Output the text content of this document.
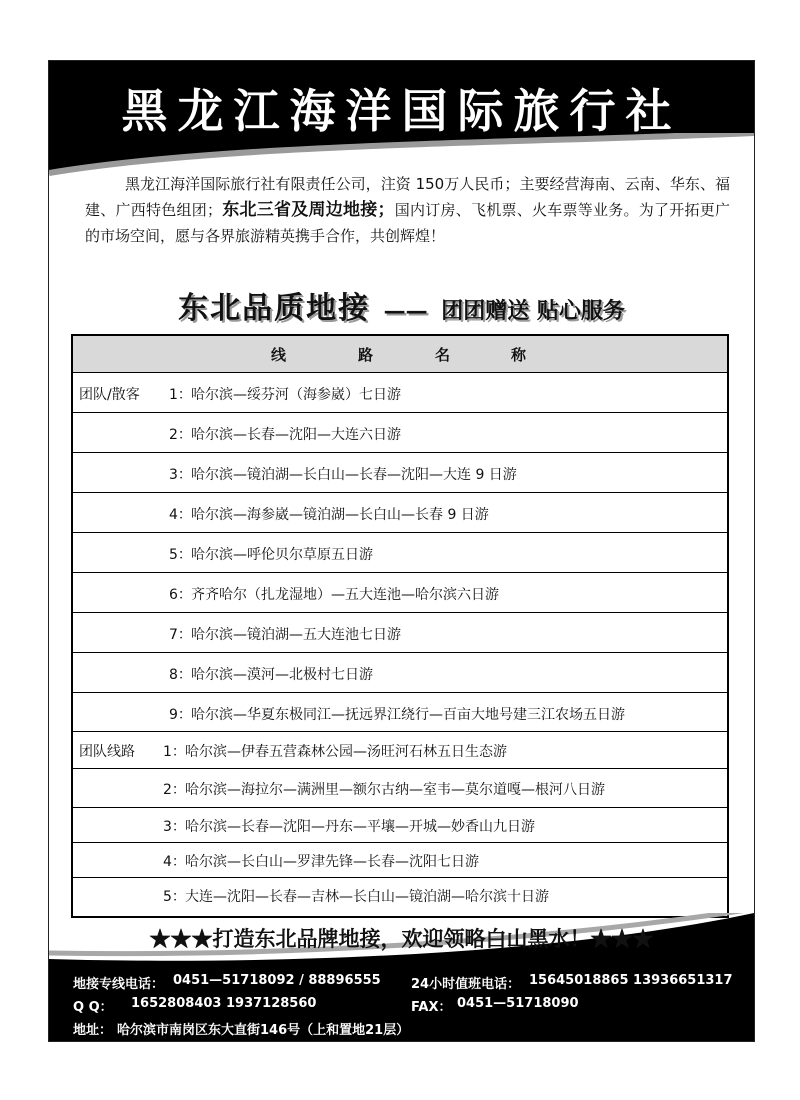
黑龙江海洋国际旅行社
黑龙江海洋国际旅行社有限责任公司，注资 150万人民币；主要经营海南、云南、华东、福建、广西特色组团；东北三省及周边地接；国内订房、飞机票、火车票等业务。为了开拓更广的市场空间，愿与各界旅游精英携手合作，共创辉煌！
东北品质地接 —— 团团赠送 贴心服务
线	路	名	称
团队/散客 1： 哈尔滨—绥芬河（海参崴）七日游
2： 哈尔滨—长春—沈阳—大连六日游
3： 哈尔滨—镜泊湖—长白山—长春—沈阳—大连 9 日游
4： 哈尔滨—海参崴—镜泊湖—长白山—长春 9 日游
5： 哈尔滨—呼伦贝尔草原五日游
6： 齐齐哈尔（扎龙湿地）—五大连池—哈尔滨六日游
7： 哈尔滨—镜泊湖—五大连池七日游
8： 哈尔滨—漠河—北极村七日游
9： 哈尔滨—华夏东极同江—抚远界江绕行—百亩大地号建三江农场五日游
团队线路 1： 哈尔滨—伊春五营森林公园—汤旺河石林五日生态游
2： 哈尔滨—海拉尔—满洲里—额尔古纳—室韦—莫尔道嘎—根河八日游
3： 哈尔滨—长春—沈阳—丹东—平壤—开城—妙香山九日游
4： 哈尔滨—长白山—罗津先锋—长春—沈阳七日游
5： 大连—沈阳—长春—吉林—长白山—镜泊湖—哈尔滨十日游
★★★打造东北品牌地接，欢迎领略白山黑水！★★★
地接专线电话： 0451—51718092 / 88896555 24小时值班电话： 15645018865 13936651317
Q Q： 1652808403 1937128560	FAX： 0451—51718090
地址： 哈尔滨市南岗区东大直街146号（上和置地21层）
